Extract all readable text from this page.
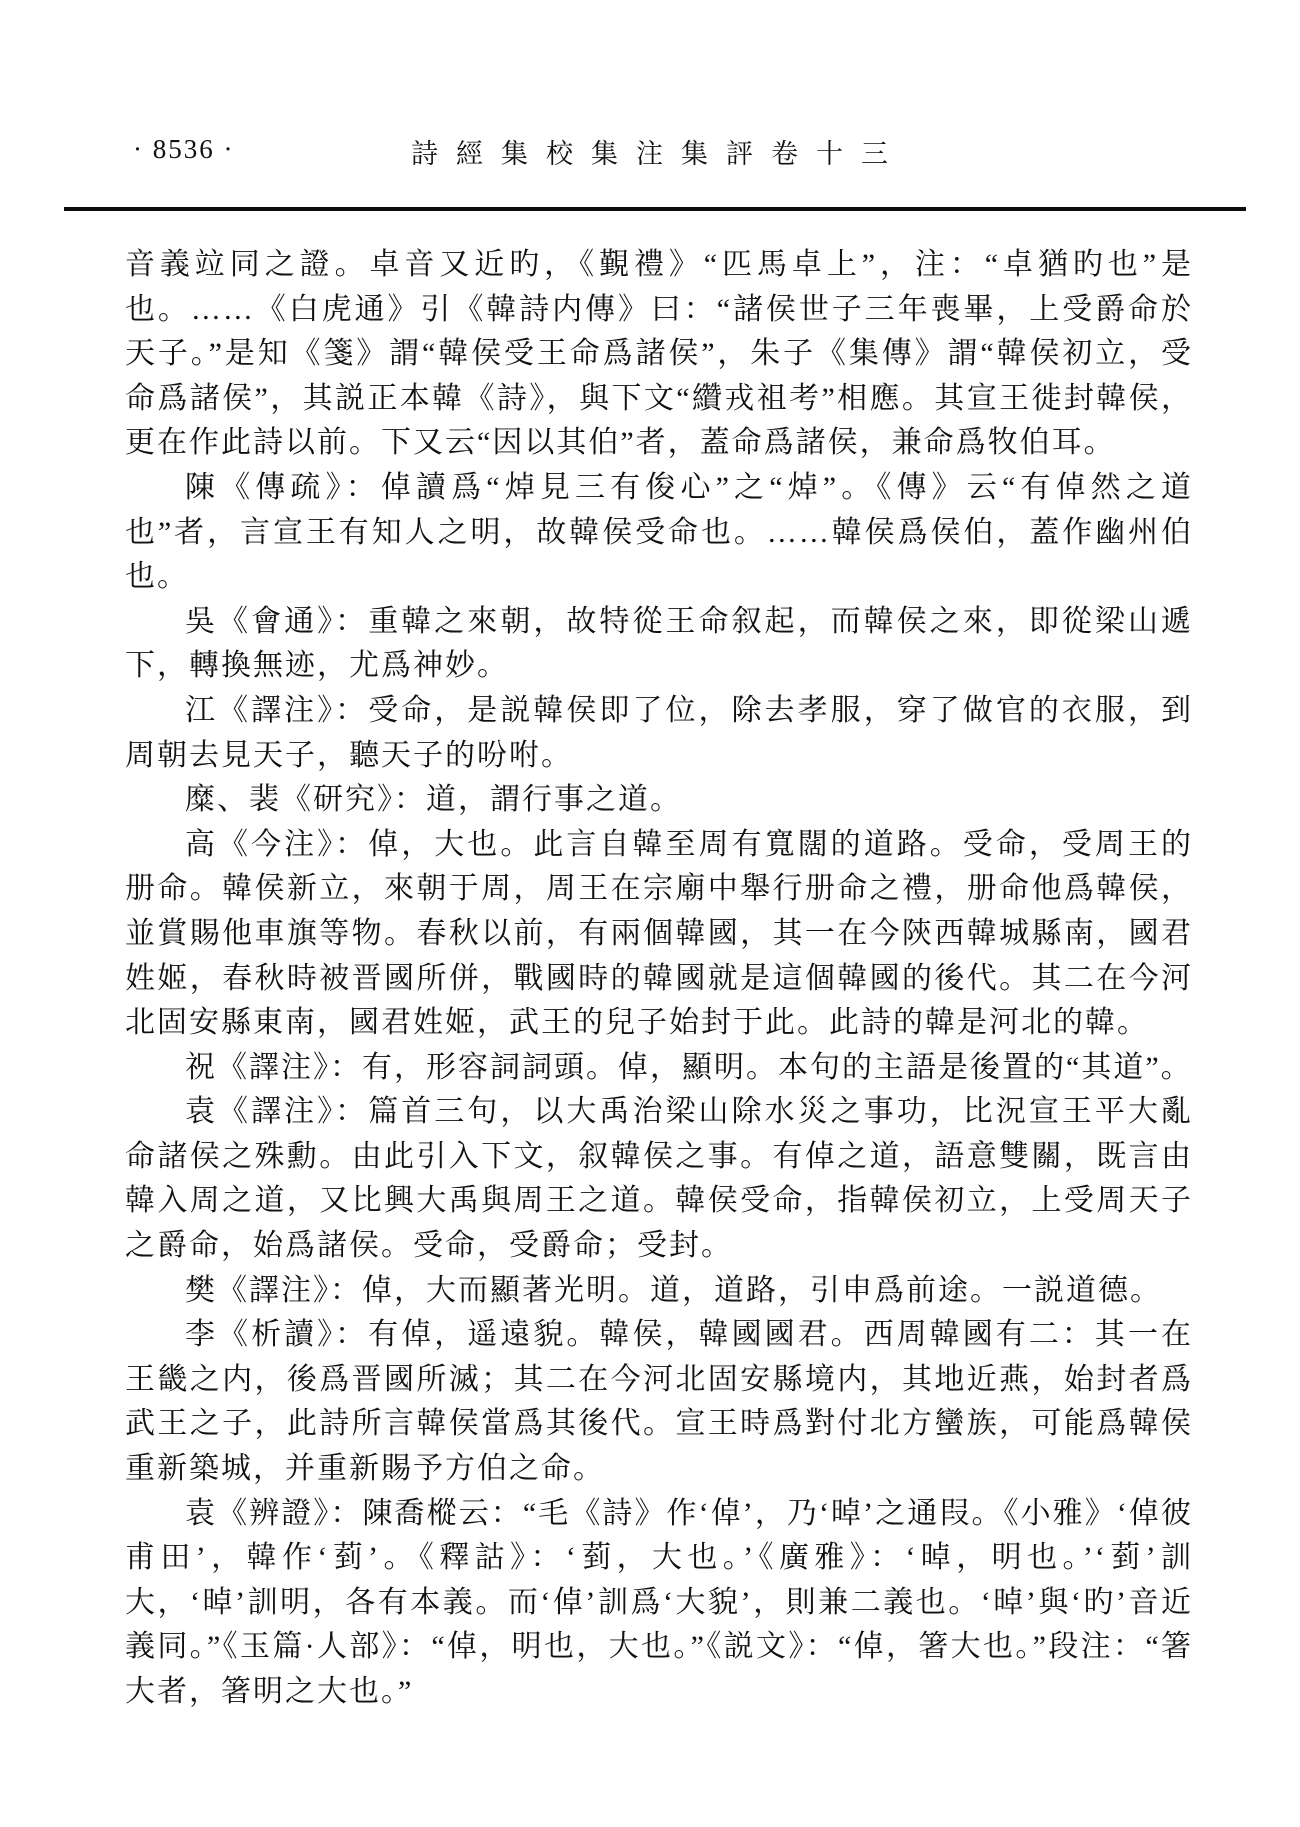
· 8536 ·	詩經集校集注集評卷十三

音義竝同之證。卓音又近旳，《覲禮》“匹馬卓上”，注：“卓猶旳也”是也。……《白虎通》引《韓詩内傳》曰：“諸侯世子三年喪畢，上受爵命於天子。”是知《箋》謂“韓侯受王命爲諸侯”，朱子《集傳》謂“韓侯初立，受命爲諸侯”，其説正本韓《詩》，與下文“纘戎祖考”相應。其宣王徙封韓侯，更在作此詩以前。下又云“因以其伯”者，蓋命爲諸侯，兼命爲牧伯耳。

陳《傳疏》：倬讀爲“焯見三有俊心”之“焯”。《傳》云“有倬然之道也”者，言宣王有知人之明，故韓侯受命也。……韓侯爲侯伯，蓋作幽州伯也。

吳《會通》：重韓之來朝，故特從王命叙起，而韓侯之來，即從梁山遞下，轉換無迹，尤爲神妙。

江《譯注》：受命，是説韓侯即了位，除去孝服，穿了做官的衣服，到周朝去見天子，聽天子的吩咐。

糜、裴《研究》：道，謂行事之道。

高《今注》：倬，大也。此言自韓至周有寬闊的道路。受命，受周王的册命。韓侯新立，來朝于周，周王在宗廟中舉行册命之禮，册命他爲韓侯，並賞賜他車旗等物。春秋以前，有兩個韓國，其一在今陝西韓城縣南，國君姓姬，春秋時被晋國所併，戰國時的韓國就是這個韓國的後代。其二在今河北固安縣東南，國君姓姬，武王的兒子始封于此。此詩的韓是河北的韓。

祝《譯注》：有，形容詞詞頭。倬，顯明。本句的主語是後置的“其道”。

袁《譯注》：篇首三句，以大禹治梁山除水災之事功，比況宣王平大亂命諸侯之殊勳。由此引入下文，叙韓侯之事。有倬之道，語意雙關，既言由韓入周之道，又比興大禹與周王之道。韓侯受命，指韓侯初立，上受周天子之爵命，始爲諸侯。受命，受爵命；受封。

樊《譯注》：倬，大而顯著光明。道，道路，引申爲前途。一説道德。

李《析讀》：有倬，遥遠貌。韓侯，韓國國君。西周韓國有二：其一在王畿之内，後爲晋國所滅；其二在今河北固安縣境内，其地近燕，始封者爲武王之子，此詩所言韓侯當爲其後代。宣王時爲對付北方蠻族，可能爲韓侯重新築城，并重新賜予方伯之命。

袁《辨證》：陳喬樅云：“毛《詩》作‘倬’，乃‘晫’之通叚。《小雅》‘倬彼甫田’，韓作‘菿’。《釋詁》：‘菿，大也。’《廣雅》：‘晫，明也。’‘菿’訓大，‘晫’訓明，各有本義。而‘倬’訓爲‘大貌’，則兼二義也。‘晫’與‘旳’音近義同。”《玉篇·人部》：“倬，明也，大也。”《説文》：“倬，箸大也。”段注：“箸大者，箸明之大也。”
